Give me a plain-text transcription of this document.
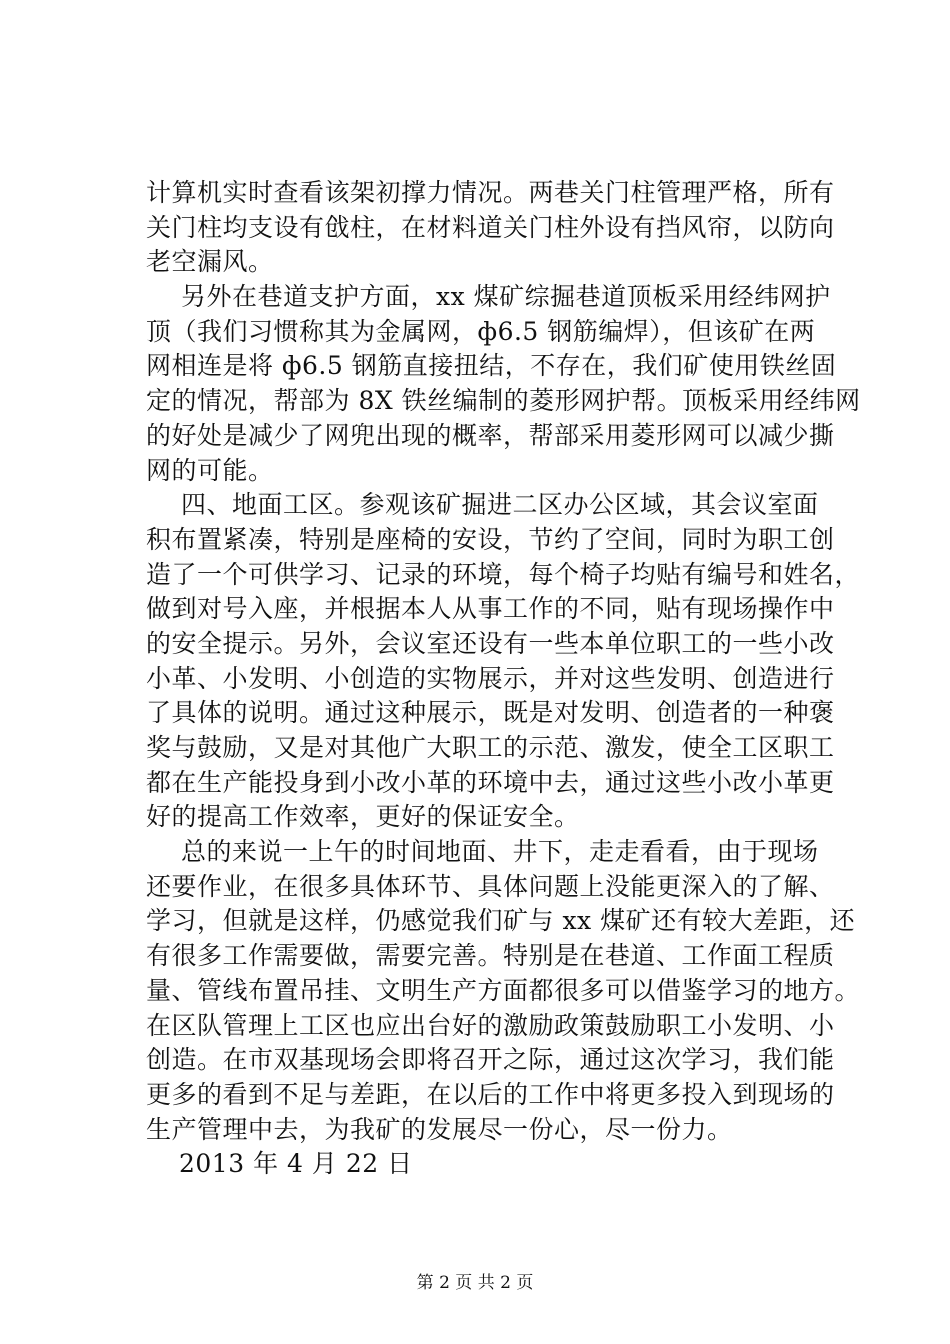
计算机实时查看该架初撑力情况。两巷关门柱管理严格，所有
关门柱均支设有戗柱，在材料道关门柱外设有挡风帘，以防向
老空漏风。
另外在巷道支护方面，xx 煤矿综掘巷道顶板采用经纬网护
顶（我们习惯称其为金属网，ф6.5 钢筋编焊），但该矿在两
网相连是将 ф6.5 钢筋直接扭结，不存在，我们矿使用铁丝固
定的情况，帮部为 8X 铁丝编制的菱形网护帮。顶板采用经纬网
的好处是减少了网兜出现的概率，帮部采用菱形网可以减少撕
网的可能。
四、地面工区。参观该矿掘进二区办公区域，其会议室面
积布置紧凑，特别是座椅的安设，节约了空间，同时为职工创
造了一个可供学习、记录的环境，每个椅子均贴有编号和姓名，
做到对号入座，并根据本人从事工作的不同，贴有现场操作中
的安全提示。另外，会议室还设有一些本单位职工的一些小改
小革、小发明、小创造的实物展示，并对这些发明、创造进行
了具体的说明。通过这种展示，既是对发明、创造者的一种褒
奖与鼓励，又是对其他广大职工的示范、激发，使全工区职工
都在生产能投身到小改小革的环境中去，通过这些小改小革更
好的提高工作效率，更好的保证安全。
总的来说一上午的时间地面、井下，走走看看，由于现场
还要作业，在很多具体环节、具体问题上没能更深入的了解、
学习，但就是这样，仍感觉我们矿与 xx 煤矿还有较大差距，还
有很多工作需要做，需要完善。特别是在巷道、工作面工程质
量、管线布置吊挂、文明生产方面都很多可以借鉴学习的地方。
在区队管理上工区也应出台好的激励政策鼓励职工小发明、小
创造。在市双基现场会即将召开之际，通过这次学习，我们能
更多的看到不足与差距，在以后的工作中将更多投入到现场的
生产管理中去，为我矿的发展尽一份心，尽一份力。
2013 年 4 月 22 日
第 2 页 共 2 页
